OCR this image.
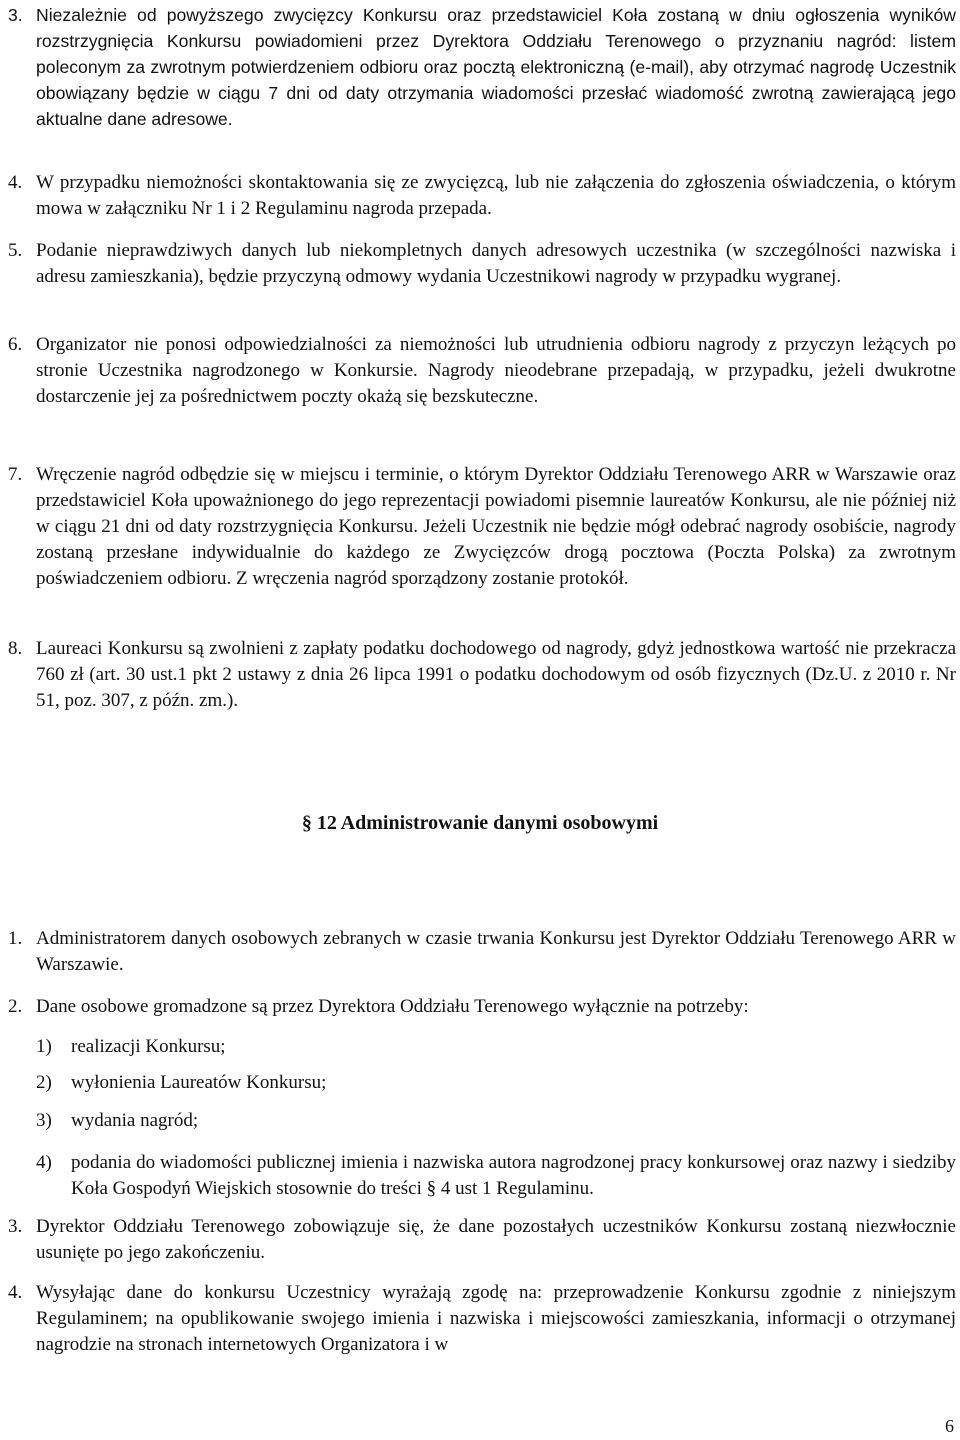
3. Niezależnie od powyższego zwycięzcy Konkursu oraz przedstawiciel Koła zostaną w dniu ogłoszenia wyników rozstrzygnięcia Konkursu powiadomieni przez Dyrektora Oddziału Terenowego o przyznaniu nagród: listem poleconym za zwrotnym potwierdzeniem odbioru oraz pocztą elektroniczną (e-mail), aby otrzymać nagrodę Uczestnik obowiązany będzie w ciągu 7 dni od daty otrzymania wiadomości przesłać wiadomość zwrotną zawierającą jego aktualne dane adresowe.
4. W przypadku niemożności skontaktowania się ze zwycięzcą, lub nie załączenia do zgłoszenia oświadczenia, o którym mowa w załączniku Nr 1 i 2 Regulaminu nagroda przepada.
5. Podanie nieprawdziwych danych lub niekompletnych danych adresowych uczestnika (w szczególności nazwiska i adresu zamieszkania), będzie przyczyną odmowy wydania Uczestnikowi nagrody w przypadku wygranej.
6. Organizator nie ponosi odpowiedzialności za niemożności lub utrudnienia odbioru nagrody z przyczyn leżących po stronie Uczestnika nagrodzonego w Konkursie. Nagrody nieodebrane przepadają, w przypadku, jeżeli dwukrotne dostarczenie jej za pośrednictwem poczty okażą się bezskuteczne.
7. Wręczenie nagród odbędzie się w miejscu i terminie, o którym Dyrektor Oddziału Terenowego ARR w Warszawie oraz przedstawiciel Koła upoważnionego do jego reprezentacji powiadomi pisemnie laureatów Konkursu, ale nie później niż w ciągu 21 dni od daty rozstrzygnięcia Konkursu. Jeżeli Uczestnik nie będzie mógł odebrać nagrody osobiście, nagrody zostaną przesłane indywidualnie do każdego ze Zwycięzców drogą pocztowa (Poczta Polska) za zwrotnym poświadczeniem odbioru. Z wręczenia nagród sporządzony zostanie protokół.
8. Laureaci Konkursu są zwolnieni z zapłaty podatku dochodowego od nagrody, gdyż jednostkowa wartość nie przekracza 760 zł (art. 30 ust.1 pkt 2 ustawy z dnia 26 lipca 1991 o podatku dochodowym od osób fizycznych (Dz.U. z 2010 r. Nr 51, poz. 307, z późn. zm.).
§ 12 Administrowanie danymi osobowymi
1. Administratorem danych osobowych zebranych w czasie trwania Konkursu jest Dyrektor Oddziału Terenowego ARR w Warszawie.
2. Dane osobowe gromadzone są przez Dyrektora Oddziału Terenowego wyłącznie na potrzeby:
1) realizacji Konkursu;
2) wyłonienia Laureatów Konkursu;
3) wydania nagród;
4) podania do wiadomości publicznej imienia i nazwiska autora nagrodzonej pracy konkursowej oraz nazwy i siedziby Koła Gospodyń Wiejskich stosownie do treści § 4 ust 1 Regulaminu.
3. Dyrektor Oddziału Terenowego zobowiązuje się, że dane pozostałych uczestników Konkursu zostaną niezwłocznie usunięte po jego zakończeniu.
4. Wysyłając dane do konkursu Uczestnicy wyrażają zgodę na: przeprowadzenie Konkursu zgodnie z niniejszym Regulaminem; na opublikowanie swojego imienia i nazwiska i miejscowości zamieszkania, informacji o otrzymanej nagrodzie na stronach internetowych Organizatora i w
6
